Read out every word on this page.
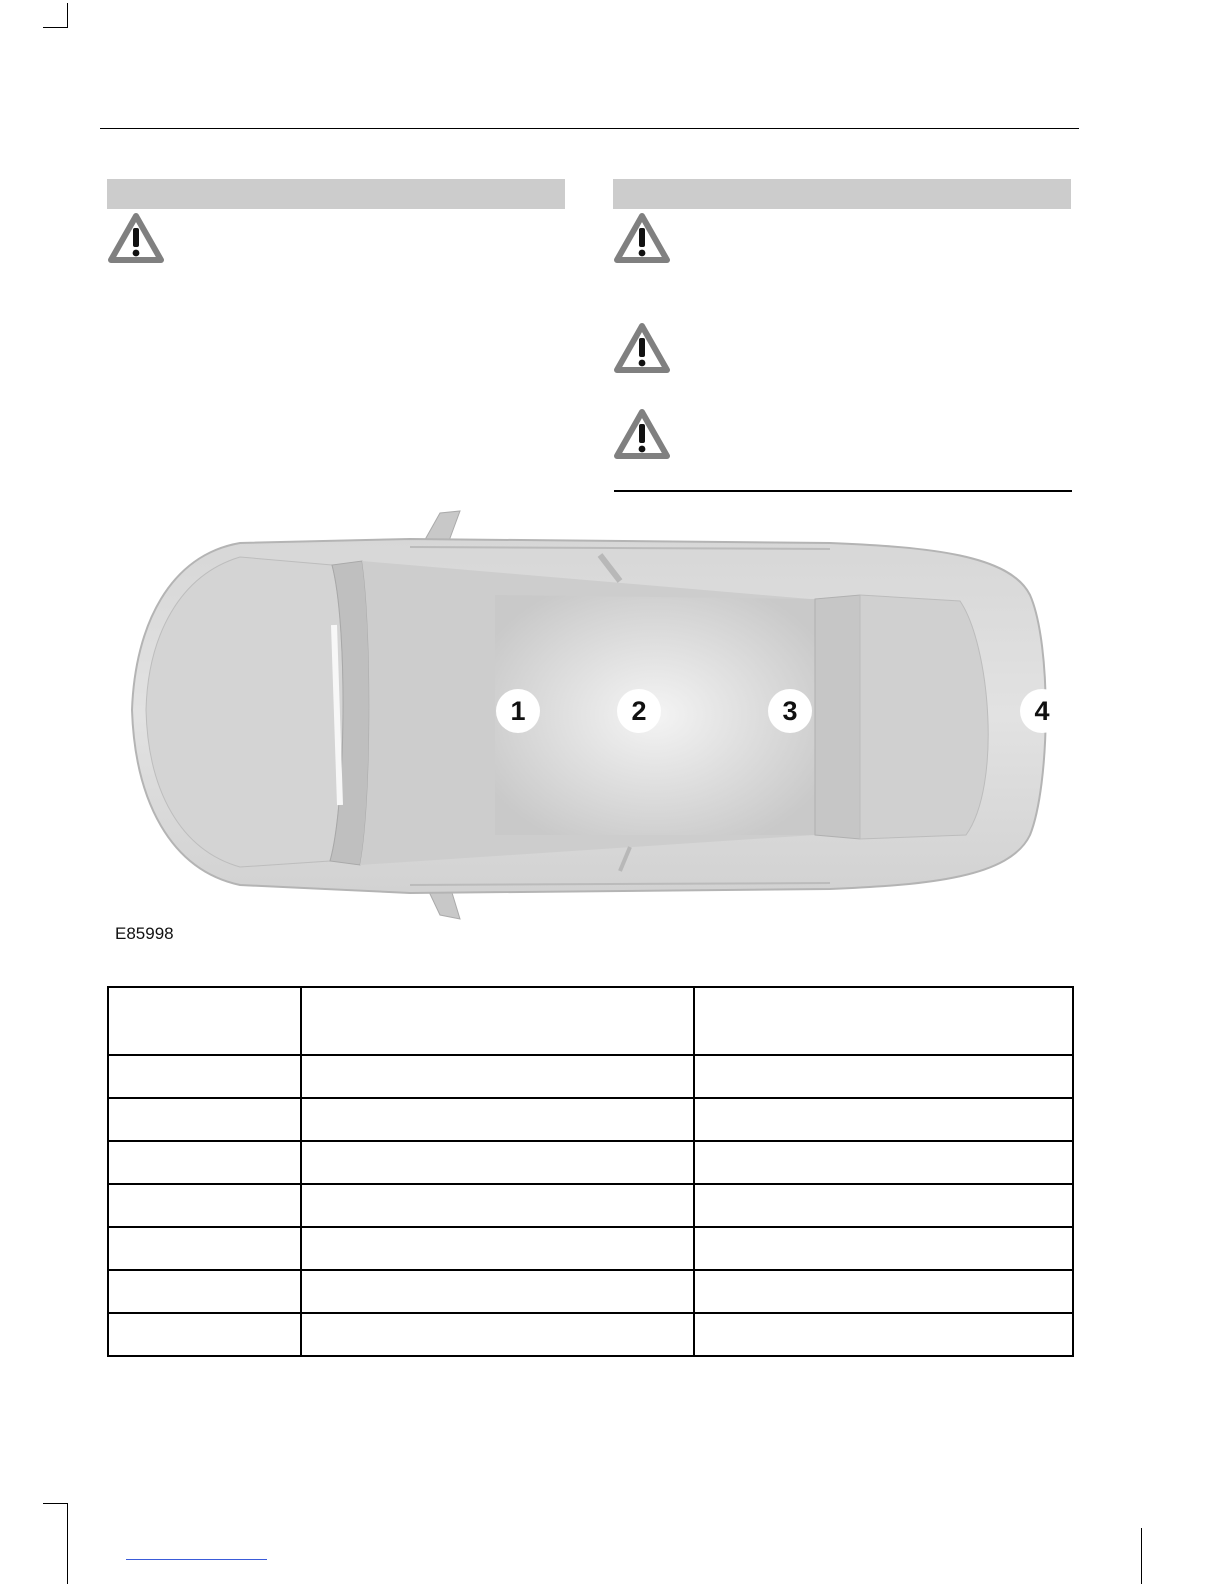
1	2	3	4
E85998
